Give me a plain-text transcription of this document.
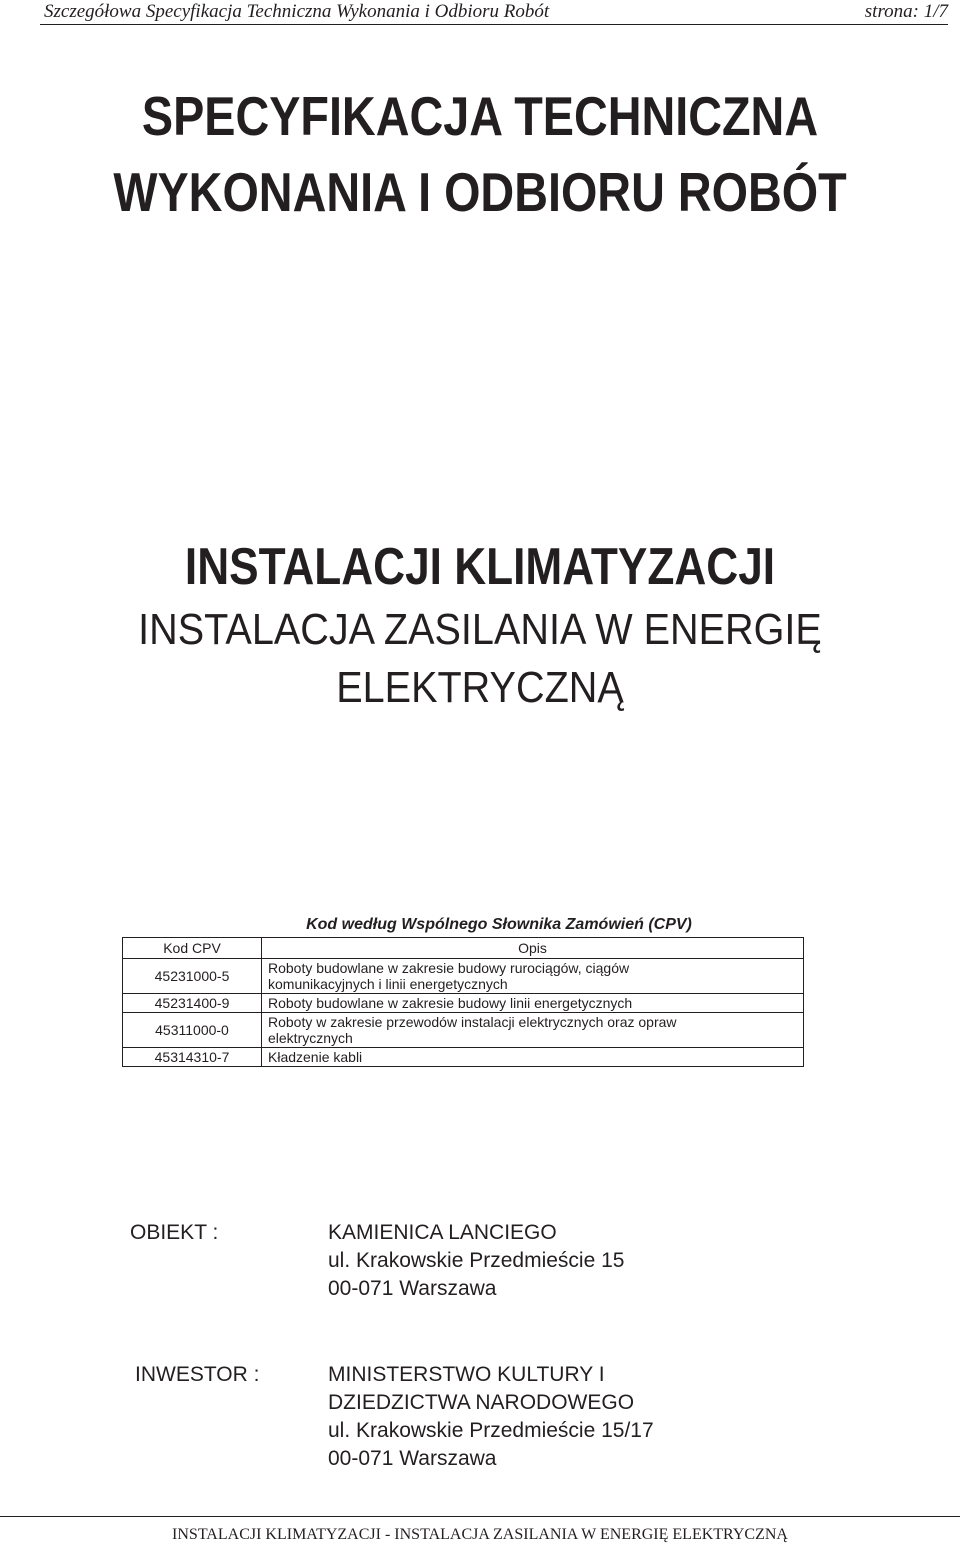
Szczegółowa Specyfikacja Techniczna Wykonania i Odbioru Robót	strona: 1/7
SPECYFIKACJA TECHNICZNA
WYKONANIA I ODBIORU ROBÓT
INSTALACJI KLIMATYZACJI
INSTALACJA ZASILANIA W ENERGIĘ
ELEKTRYCZNĄ
Kod według Wspólnego Słownika Zamówień (CPV)
Kod CPV	Opis
45231000-5	Roboty budowlane w zakresie budowy rurociągów, ciągów
komunikacyjnych i linii energetycznych

45231400-9	Roboty budowlane w zakresie budowy linii energetycznych

45311000-0	Roboty w zakresie przewodów instalacji elektrycznych oraz opraw
elektrycznych

45314310-7	Kładzenie kabli
OBIEKT :	KAMIENICA LANCIEGO
ul. Krakowskie Przedmieście 15
00-071 Warszawa
INWESTOR :	MINISTERSTWO KULTURY I
DZIEDZICTWA NARODOWEGO
ul. Krakowskie Przedmieście 15/17
00-071 Warszawa
INSTALACJI KLIMATYZACJI - INSTALACJA ZASILANIA W ENERGIĘ ELEKTRYCZNĄ
